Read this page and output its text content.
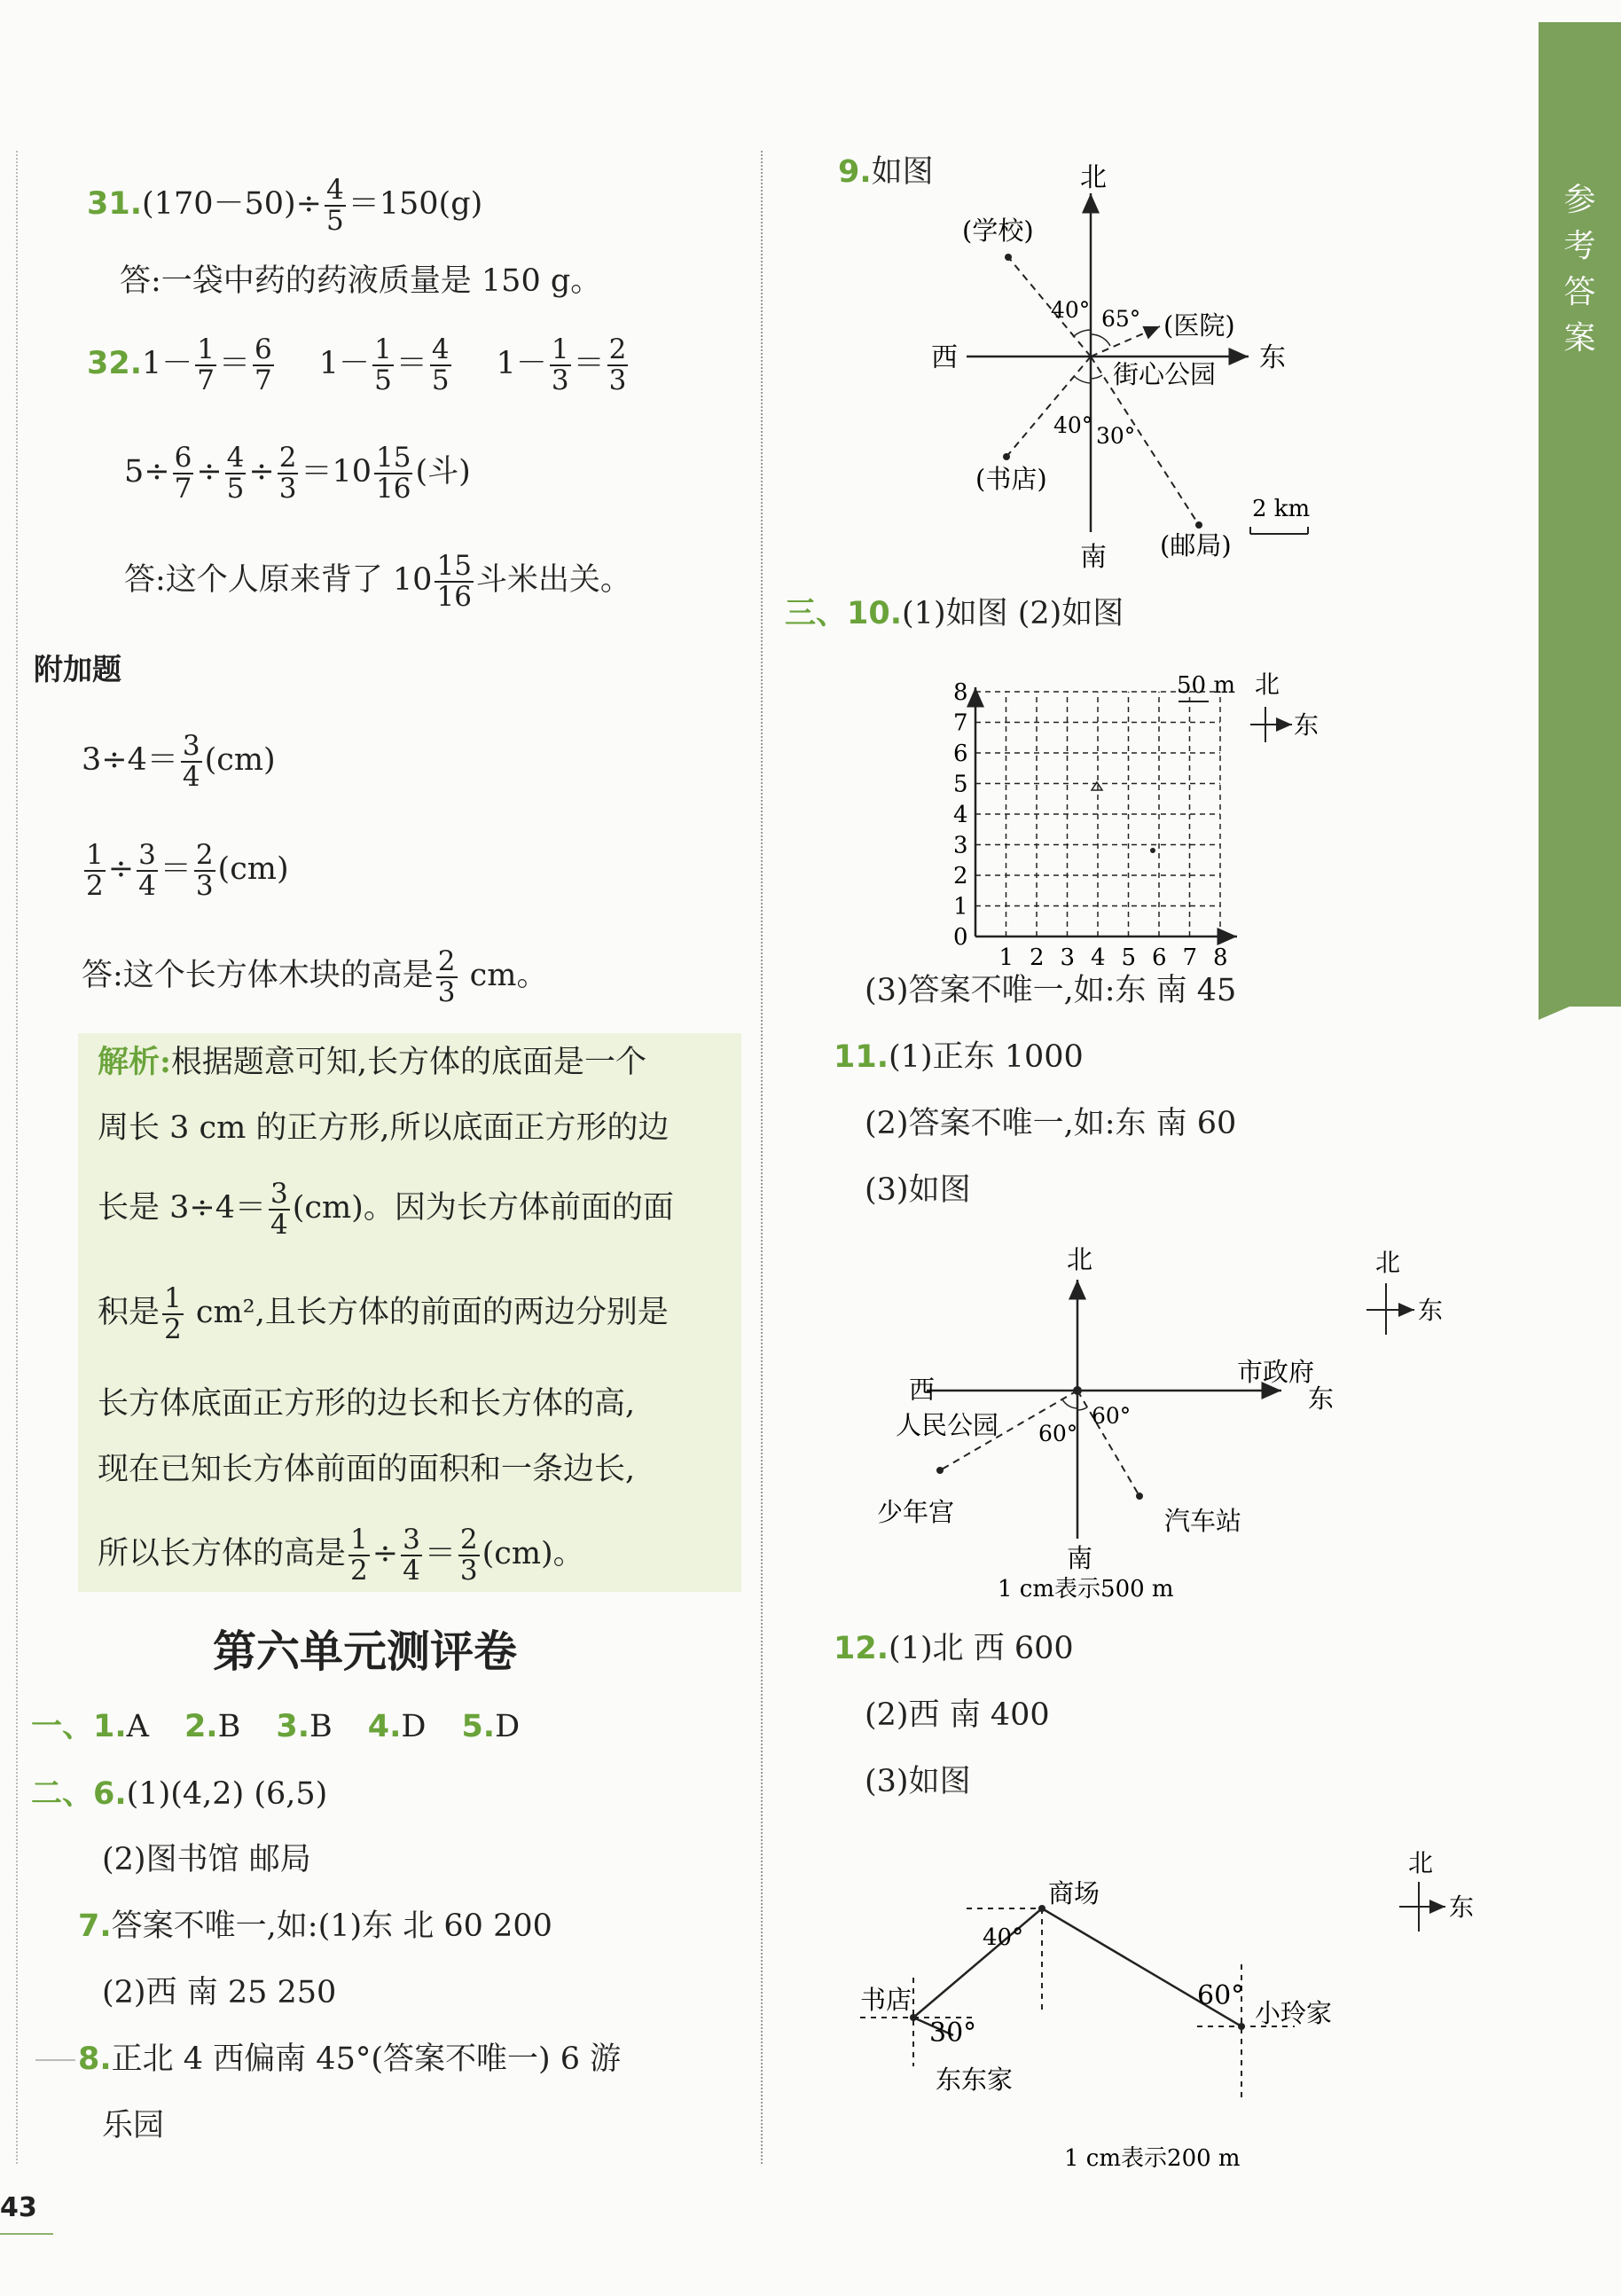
参
考
答
案
$31.(170-50)\div \frac{4}{5} =150(g)$
答:一袋中药的药液质量是 150 g。
$32.1- \frac{1}{7} = \frac{6}{7} 1- \frac{1}{5} = \frac{4}{5} 1- \frac{1}{3} = \frac{2}{3}$
$5\div \frac{6}{7} \div \frac{4}{5} \div \frac{2}{3} =10 \frac{15}{16}$ (斗)
答:这个人原来背了 $10 \frac{15}{16}$ 斗米出关。
附加题
$3\div 4= \frac{3}{4} (cm)$
$\frac{1}{2} \div \frac{3}{4} = \frac{2}{3} (cm)$
答:这个长方体木块的高是 $\frac{2}{3}$ cm。
解析:根据题意可知,长方体的底面是一个
周长 3 cm 的正方形,所以底面正方形的边
长是 $3\div 4= \frac{3}{4} (cm)$。因为长方体前面的面
积是 $\frac{1}{2} cm^2$,且长方体的前面的两边分别是
长方体底面正方形的边长和长方体的高,
现在已知长方体前面的面积和一条边长,
所以长方体的高是 $\frac{1}{2} \div \frac{3}{4} = \frac{2}{3} (cm)$。
第六单元测评卷
一、1.A 2.B 3.B 4.D 5.D
二、6.(1)(4,2) (6,5)
(2)图书馆 邮局
7.答案不唯一,如:(1)东 北 60 200
(2)西 南 25 250
8.正北 4 西偏南 45°(答案不唯一) 6 游
乐园
43
9.如图	北
南
东
西
(学校)
(医院)
街心公园
(书店)
(邮局)
40° 65°
40° 30°
2 km
三、10.(1)如图 (2)如图
0
1
2
3
4
5
6
7
8
1 2 3 4 5 6 7 8
50 m 北
东
(3)答案不唯一,如:东 南 45
11.(1)正东 1000
(2)答案不唯一,如:东 南 60
(3)如图
北
南
东
西
人民公园
市政府
少年宫	汽车站
60°
60°
1 cm表示500 m
北
东
12.(1)北 西 600
(2)西 南 400
(3)如图
商场
书店	小玲家
东东家
40°
60°
30°
1 cm表示200 m
北
东
